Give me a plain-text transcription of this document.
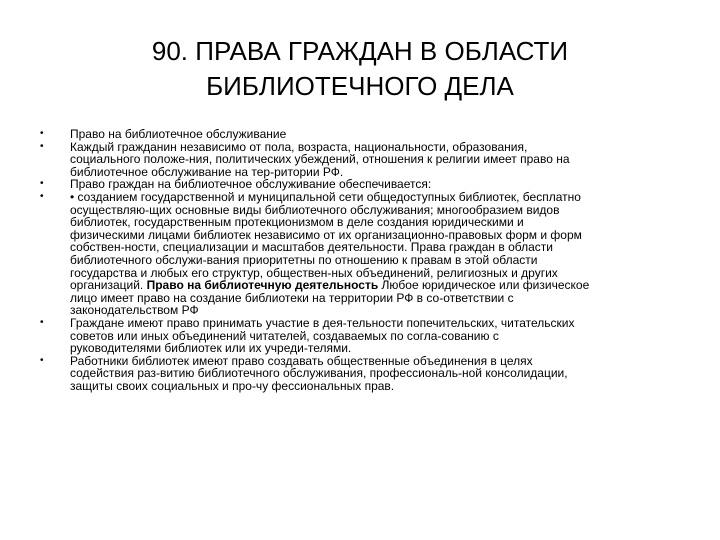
90. ПРАВА ГРАЖДАН В ОБЛАСТИ
БИБЛИОТЕЧНОГО ДЕЛА
• Право на библиотечное обслуживание
• Каждый гражданин независимо от пола, возраста, национальности, образования,
социального положе-ния, политических убеждений, отношения к религии имеет право на
библиотечное обслуживание на тер-ритории РФ.
• Право граждан на библиотечное обслуживание обеспечивается:
• • созданием государственной и муниципальной сети общедоступных библиотек, бесплатно
осуществляю-щих основные виды библиотечного обслуживания; многообразием видов
библиотек, государственным протекционизмом в деле создания юридическими и
физическими лицами библиотек независимо от их организационно-правовых форм и форм
собствен-ности, специализации и масштабов деятельности. Права граждан в области
библиотечного обслужи-вания приоритетны по отношению к правам в этой области
государства и любых его структур, обществен-ных объединений, религиозных и других
организаций. Право на библиотечную деятельность Любое юридическое или физическое
лицо имеет право на создание библиотеки на территории РФ в со-ответствии с
законодательством РФ
• Граждане имеют право принимать участие в дея-тельности попечительских, читательских
советов или иных объединений читателей, создаваемых по согла-сованию с
руководителями библиотек или их учреди-телями.
• Работники библиотек имеют право создавать общественные объединения в целях
содействия раз-витию библиотечного обслуживания, профессиональ-ной консолидации,
защиты своих социальных и про-чу фессиональных прав.
